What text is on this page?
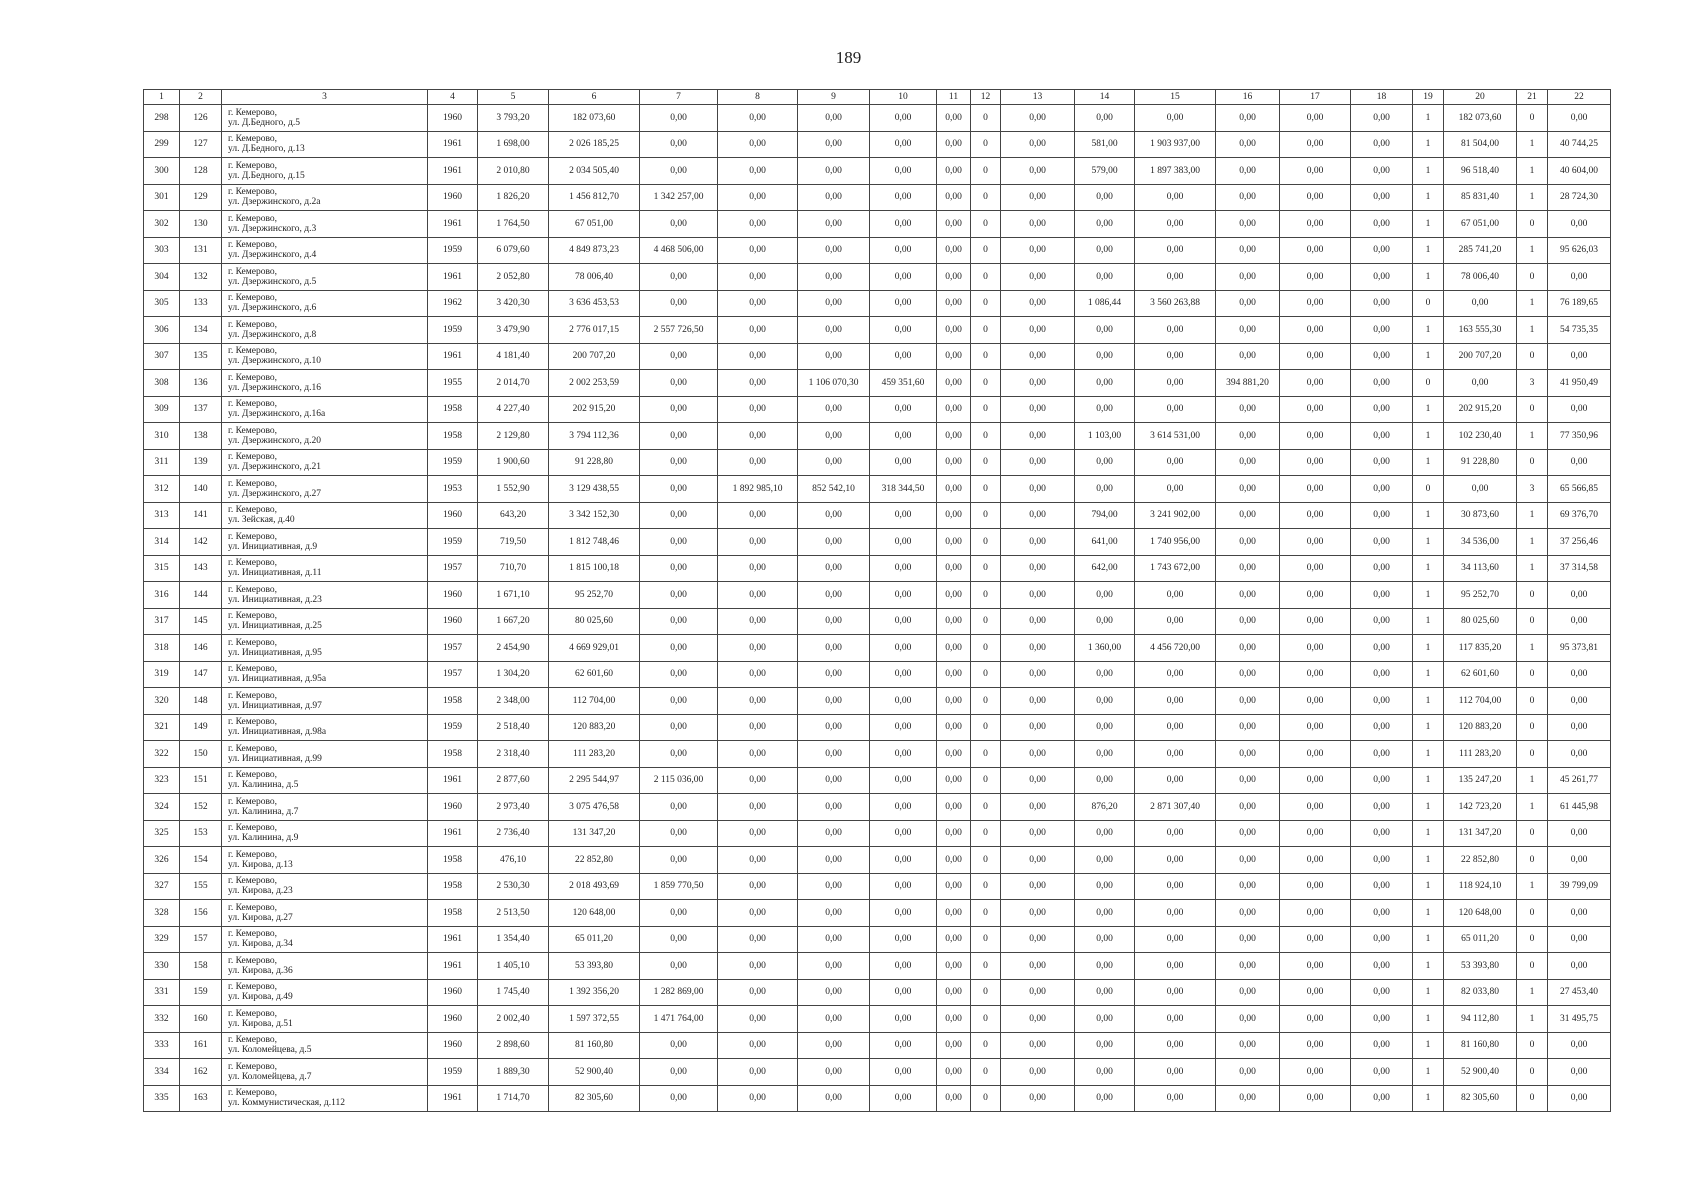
189
1	2	3	4	5	6	7	8	9	10	11	12	13	14	15	16	17	18	19	20	21	22
298	126	г. Кемерово,
ул. Д.Бедного, д.5	1960	3 793,20	182 073,60	0,00	0,00	0,00	0,00	0,00	0	0,00	0,00	0,00	0,00	0,00	0,00	1	182 073,60	0	0,00
299	127	г. Кемерово,
ул. Д.Бедного, д.13	1961	1 698,00	2 026 185,25	0,00	0,00	0,00	0,00	0,00	0	0,00	581,00	1 903 937,00	0,00	0,00	0,00	1	81 504,00	1	40 744,25
300	128	г. Кемерово,
ул. Д.Бедного, д.15	1961	2 010,80	2 034 505,40	0,00	0,00	0,00	0,00	0,00	0	0,00	579,00	1 897 383,00	0,00	0,00	0,00	1	96 518,40	1	40 604,00
301	129	г. Кемерово,
ул. Дзержинского, д.2а	1960	1 826,20	1 456 812,70	1 342 257,00	0,00	0,00	0,00	0,00	0	0,00	0,00	0,00	0,00	0,00	0,00	1	85 831,40	1	28 724,30
302	130	г. Кемерово,
ул. Дзержинского, д.3	1961	1 764,50	67 051,00	0,00	0,00	0,00	0,00	0,00	0	0,00	0,00	0,00	0,00	0,00	0,00	1	67 051,00	0	0,00
303	131	г. Кемерово,
ул. Дзержинского, д.4	1959	6 079,60	4 849 873,23	4 468 506,00	0,00	0,00	0,00	0,00	0	0,00	0,00	0,00	0,00	0,00	0,00	1	285 741,20	1	95 626,03
304	132	г. Кемерово,
ул. Дзержинского, д.5	1961	2 052,80	78 006,40	0,00	0,00	0,00	0,00	0,00	0	0,00	0,00	0,00	0,00	0,00	0,00	1	78 006,40	0	0,00
305	133	г. Кемерово,
ул. Дзержинского, д.6	1962	3 420,30	3 636 453,53	0,00	0,00	0,00	0,00	0,00	0	0,00	1 086,44	3 560 263,88	0,00	0,00	0,00	0	0,00	1	76 189,65
306	134	г. Кемерово,
ул. Дзержинского, д.8	1959	3 479,90	2 776 017,15	2 557 726,50	0,00	0,00	0,00	0,00	0	0,00	0,00	0,00	0,00	0,00	0,00	1	163 555,30	1	54 735,35
307	135	г. Кемерово,
ул. Дзержинского, д.10	1961	4 181,40	200 707,20	0,00	0,00	0,00	0,00	0,00	0	0,00	0,00	0,00	0,00	0,00	0,00	1	200 707,20	0	0,00
308	136	г. Кемерово,
ул. Дзержинского, д.16	1955	2 014,70	2 002 253,59	0,00	0,00	1 106 070,30	459 351,60	0,00	0	0,00	0,00	0,00	394 881,20	0,00	0,00	0	0,00	3	41 950,49
309	137	г. Кемерово,
ул. Дзержинского, д.16а	1958	4 227,40	202 915,20	0,00	0,00	0,00	0,00	0,00	0	0,00	0,00	0,00	0,00	0,00	0,00	1	202 915,20	0	0,00
310	138	г. Кемерово,
ул. Дзержинского, д.20	1958	2 129,80	3 794 112,36	0,00	0,00	0,00	0,00	0,00	0	0,00	1 103,00	3 614 531,00	0,00	0,00	0,00	1	102 230,40	1	77 350,96
311	139	г. Кемерово,
ул. Дзержинского, д.21	1959	1 900,60	91 228,80	0,00	0,00	0,00	0,00	0,00	0	0,00	0,00	0,00	0,00	0,00	0,00	1	91 228,80	0	0,00
312	140	г. Кемерово,
ул. Дзержинского, д.27	1953	1 552,90	3 129 438,55	0,00	1 892 985,10	852 542,10	318 344,50	0,00	0	0,00	0,00	0,00	0,00	0,00	0,00	0	0,00	3	65 566,85
313	141	г. Кемерово,
ул. Зейская, д.40	1960	643,20	3 342 152,30	0,00	0,00	0,00	0,00	0,00	0	0,00	794,00	3 241 902,00	0,00	0,00	0,00	1	30 873,60	1	69 376,70
314	142	г. Кемерово,
ул. Инициативная, д.9	1959	719,50	1 812 748,46	0,00	0,00	0,00	0,00	0,00	0	0,00	641,00	1 740 956,00	0,00	0,00	0,00	1	34 536,00	1	37 256,46
315	143	г. Кемерово,
ул. Инициативная, д.11	1957	710,70	1 815 100,18	0,00	0,00	0,00	0,00	0,00	0	0,00	642,00	1 743 672,00	0,00	0,00	0,00	1	34 113,60	1	37 314,58
316	144	г. Кемерово,
ул. Инициативная, д.23	1960	1 671,10	95 252,70	0,00	0,00	0,00	0,00	0,00	0	0,00	0,00	0,00	0,00	0,00	0,00	1	95 252,70	0	0,00
317	145	г. Кемерово,
ул. Инициативная, д.25	1960	1 667,20	80 025,60	0,00	0,00	0,00	0,00	0,00	0	0,00	0,00	0,00	0,00	0,00	0,00	1	80 025,60	0	0,00
318	146	г. Кемерово,
ул. Инициативная, д.95	1957	2 454,90	4 669 929,01	0,00	0,00	0,00	0,00	0,00	0	0,00	1 360,00	4 456 720,00	0,00	0,00	0,00	1	117 835,20	1	95 373,81
319	147	г. Кемерово,
ул. Инициативная, д.95а	1957	1 304,20	62 601,60	0,00	0,00	0,00	0,00	0,00	0	0,00	0,00	0,00	0,00	0,00	0,00	1	62 601,60	0	0,00
320	148	г. Кемерово,
ул. Инициативная, д.97	1958	2 348,00	112 704,00	0,00	0,00	0,00	0,00	0,00	0	0,00	0,00	0,00	0,00	0,00	0,00	1	112 704,00	0	0,00
321	149	г. Кемерово,
ул. Инициативная, д.98а	1959	2 518,40	120 883,20	0,00	0,00	0,00	0,00	0,00	0	0,00	0,00	0,00	0,00	0,00	0,00	1	120 883,20	0	0,00
322	150	г. Кемерово,
ул. Инициативная, д.99	1958	2 318,40	111 283,20	0,00	0,00	0,00	0,00	0,00	0	0,00	0,00	0,00	0,00	0,00	0,00	1	111 283,20	0	0,00
323	151	г. Кемерово,
ул. Калинина, д.5	1961	2 877,60	2 295 544,97	2 115 036,00	0,00	0,00	0,00	0,00	0	0,00	0,00	0,00	0,00	0,00	0,00	1	135 247,20	1	45 261,77
324	152	г. Кемерово,
ул. Калинина, д.7	1960	2 973,40	3 075 476,58	0,00	0,00	0,00	0,00	0,00	0	0,00	876,20	2 871 307,40	0,00	0,00	0,00	1	142 723,20	1	61 445,98
325	153	г. Кемерово,
ул. Калинина, д.9	1961	2 736,40	131 347,20	0,00	0,00	0,00	0,00	0,00	0	0,00	0,00	0,00	0,00	0,00	0,00	1	131 347,20	0	0,00
326	154	г. Кемерово,
ул. Кирова, д.13	1958	476,10	22 852,80	0,00	0,00	0,00	0,00	0,00	0	0,00	0,00	0,00	0,00	0,00	0,00	1	22 852,80	0	0,00
327	155	г. Кемерово,
ул. Кирова, д.23	1958	2 530,30	2 018 493,69	1 859 770,50	0,00	0,00	0,00	0,00	0	0,00	0,00	0,00	0,00	0,00	0,00	1	118 924,10	1	39 799,09
328	156	г. Кемерово,
ул. Кирова, д.27	1958	2 513,50	120 648,00	0,00	0,00	0,00	0,00	0,00	0	0,00	0,00	0,00	0,00	0,00	0,00	1	120 648,00	0	0,00
329	157	г. Кемерово,
ул. Кирова, д.34	1961	1 354,40	65 011,20	0,00	0,00	0,00	0,00	0,00	0	0,00	0,00	0,00	0,00	0,00	0,00	1	65 011,20	0	0,00
330	158	г. Кемерово,
ул. Кирова, д.36	1961	1 405,10	53 393,80	0,00	0,00	0,00	0,00	0,00	0	0,00	0,00	0,00	0,00	0,00	0,00	1	53 393,80	0	0,00
331	159	г. Кемерово,
ул. Кирова, д.49	1960	1 745,40	1 392 356,20	1 282 869,00	0,00	0,00	0,00	0,00	0	0,00	0,00	0,00	0,00	0,00	0,00	1	82 033,80	1	27 453,40
332	160	г. Кемерово,
ул. Кирова, д.51	1960	2 002,40	1 597 372,55	1 471 764,00	0,00	0,00	0,00	0,00	0	0,00	0,00	0,00	0,00	0,00	0,00	1	94 112,80	1	31 495,75
333	161	г. Кемерово,
ул. Коломейцева, д.5	1960	2 898,60	81 160,80	0,00	0,00	0,00	0,00	0,00	0	0,00	0,00	0,00	0,00	0,00	0,00	1	81 160,80	0	0,00
334	162	г. Кемерово,
ул. Коломейцева, д.7	1959	1 889,30	52 900,40	0,00	0,00	0,00	0,00	0,00	0	0,00	0,00	0,00	0,00	0,00	0,00	1	52 900,40	0	0,00
335	163	г. Кемерово,
ул. Коммунистическая, д.112	1961	1 714,70	82 305,60	0,00	0,00	0,00	0,00	0,00	0	0,00	0,00	0,00	0,00	0,00	0,00	1	82 305,60	0	0,00
